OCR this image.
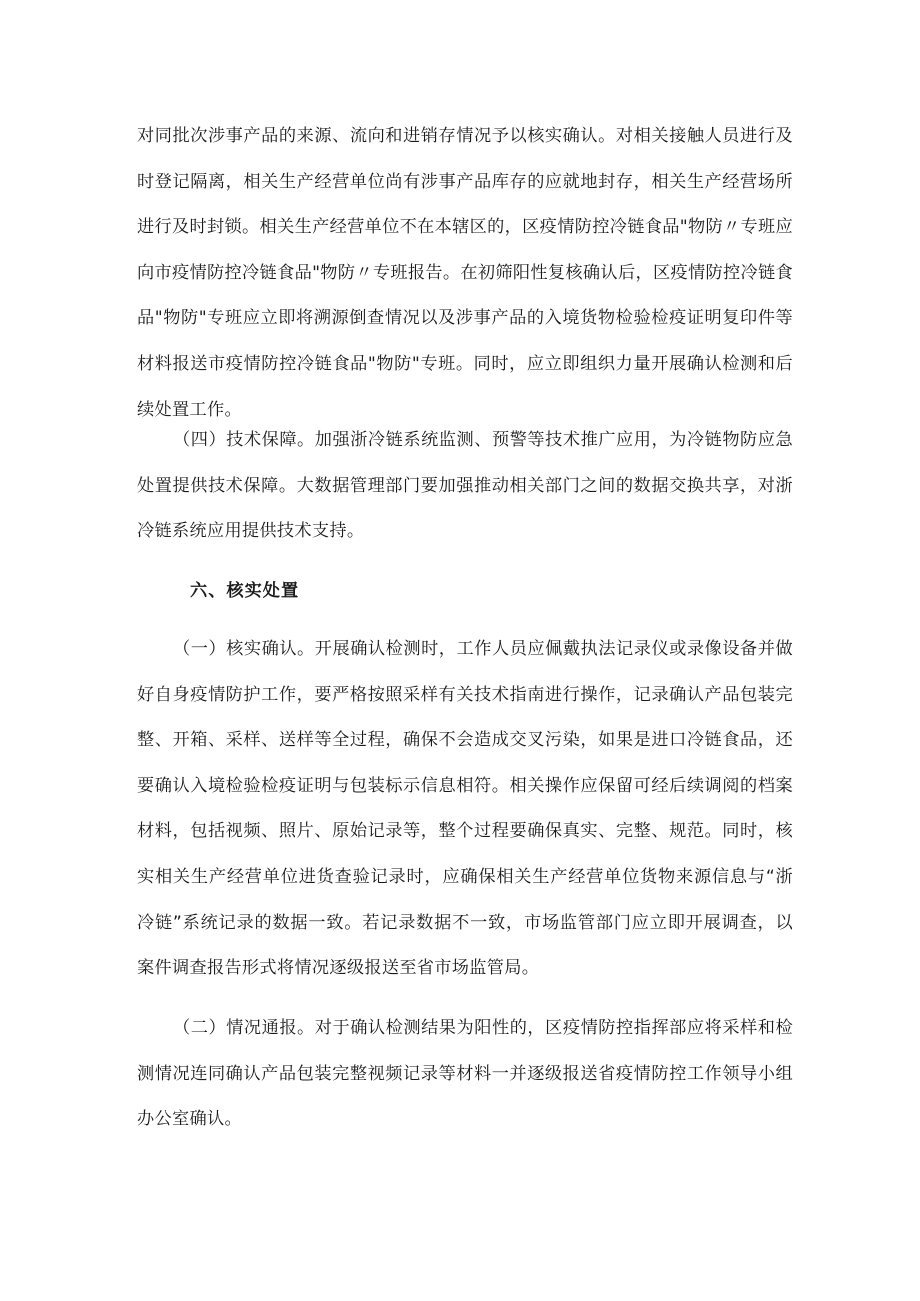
对同批次涉事产品的来源、流向和进销存情况予以核实确认。对相关接触人员进行及时登记隔离，相关生产经营单位尚有涉事产品库存的应就地封存，相关生产经营场所进行及时封锁。相关生产经营单位不在本辖区的，区疫情防控冷链食品"物防〃专班应向市疫情防控冷链食品"物防〃专班报告。在初筛阳性复核确认后，区疫情防控冷链食品"物防"专班应立即将溯源倒查情况以及涉事产品的入境货物检验检疫证明复印件等材料报送市疫情防控冷链食品"物防"专班。同时，应立即组织力量开展确认检测和后续处置工作。

（四）技术保障。加强浙冷链系统监测、预警等技术推广应用，为冷链物防应急处置提供技术保障。大数据管理部门要加强推动相关部门之间的数据交换共享，对浙冷链系统应用提供技术支持。

六、核实处置

（一）核实确认。开展确认检测时，工作人员应佩戴执法记录仪或录像设备并做好自身疫情防护工作，要严格按照采样有关技术指南进行操作，记录确认产品包装完整、开箱、采样、送样等全过程，确保不会造成交叉污染，如果是进口冷链食品，还要确认入境检验检疫证明与包装标示信息相符。相关操作应保留可经后续调阅的档案材料，包括视频、照片、原始记录等，整个过程要确保真实、完整、规范。同时，核实相关生产经营单位进货查验记录时，应确保相关生产经营单位货物来源信息与“浙冷链”系统记录的数据一致。若记录数据不一致，市场监管部门应立即开展调查，以案件调查报告形式将情况逐级报送至省市场监管局。

（二）情况通报。对于确认检测结果为阳性的，区疫情防控指挥部应将采样和检测情况连同确认产品包装完整视频记录等材料一并逐级报送省疫情防控工作领导小组办公室确认。
